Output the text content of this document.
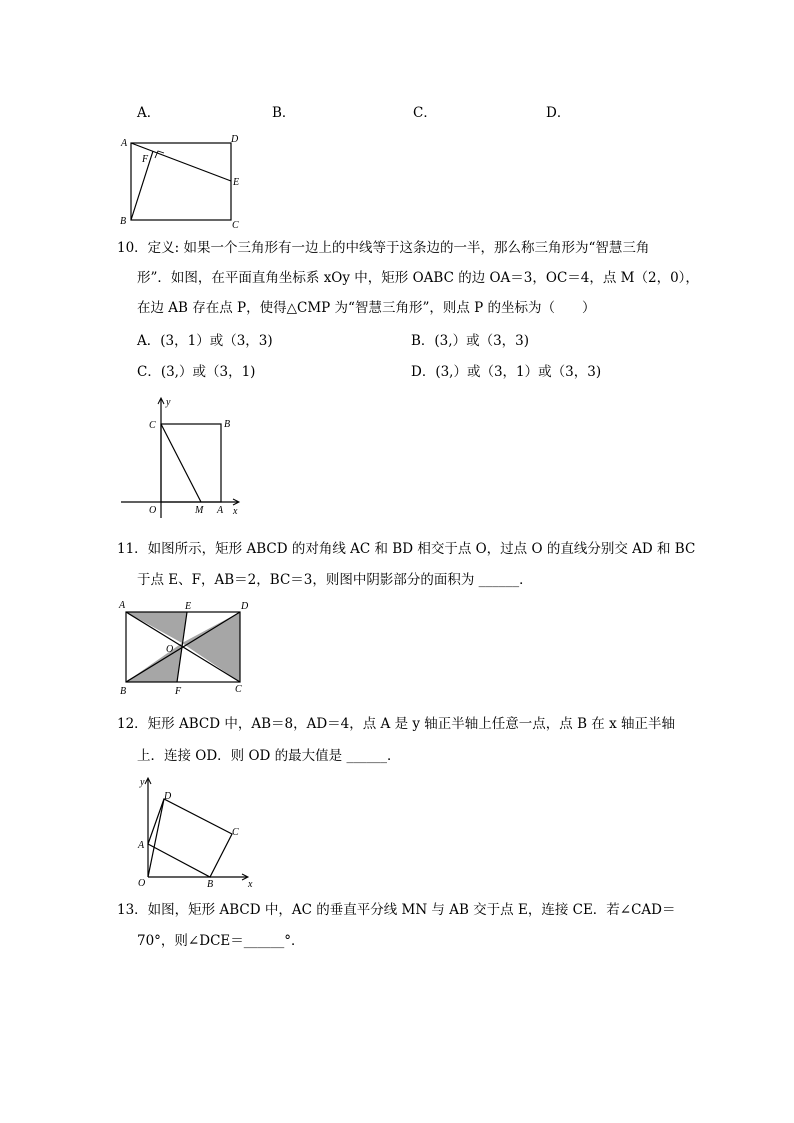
A．	B．	C．	D．
A	D
F
E
B	C
10．定义: 如果一个三角形有一边上的中线等于这条边的一半，那么称三角形为“智慧三角
形”．如图，在平面直角坐标系 xOy 中，矩形 OABC 的边 OA＝3，OC＝4，点 M（2，0），
在边 AB 存在点 P，使得△CMP 为“智慧三角形”，则点 P 的坐标为（　　）
A．(3，1）或（3，3)	B．(3,）或（3，3)
C．(3,）或（3，1)	D．(3,）或（3，1）或（3，3)
y
C	B
O	M A x
11．如图所示，矩形 ABCD 的对角线 AC 和 BD 相交于点 O，过点 O 的直线分别交 AD 和 BC
于点 E、F，AB＝2，BC＝3，则图中阴影部分的面积为 ______．
A	E	D
O
B	F	C
12．矩形 ABCD 中，AB＝8，AD＝4，点 A 是 y 轴正半轴上任意一点，点 B 在 x 轴正半轴
上．连接 OD．则 OD 的最大值是 ______．
y
D
C
A
O	B	x
13．如图，矩形 ABCD 中，AC 的垂直平分线 MN 与 AB 交于点 E，连接 CE．若∠CAD＝
70°，则∠DCE＝______°．
